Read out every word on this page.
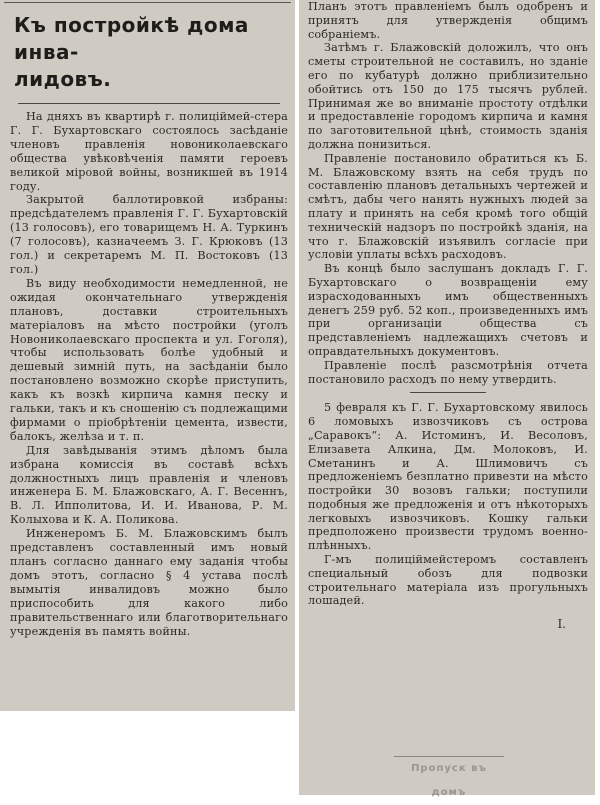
Къ постройкѣ дома инва-
лидовъ.

На дняхъ въ квартирѣ г. полицiймей-стера Г. Г. Бухартовскаго состоялось засѣданiе членовъ правленiя новониколаевскаго общества увѣковѣченiя памяти героевъ великой мiровой войны, возникшей въ 1914 году.

Закрытой баллотировкой избраны: предсѣдателемъ правленiя Г. Г. Бухартовскiй (13 голосовъ), его товарищемъ Н. А. Туркинъ (7 голосовъ), казначеемъ З. Г. Крюковъ (13 гол.) и секретаремъ М. П. Востоковъ (13 гол.)

Въ виду необходимости немедленной, не ожидая окончательнаго утвержденiя плановъ, доставки строительныхъ матерiаловъ на мѣсто постройки (уголъ Новониколаевскаго проспекта и ул. Гоголя), чтобы использовать болѣе удобный и дешевый зимнiй путь, на засѣданiи было постановлено возможно скорѣе приступить, какъ къ возкѣ кирпича камня песку и гальки, такъ и къ сношенiю съ подлежащими фирмами о прiобрѣтенiи цемента, извести, балокъ, желѣза и т. п.

Для завѣдыванiя этимъ дѣломъ была избрана комиссiя въ составѣ всѣхъ должностныхъ лицъ правленiя и членовъ инженера Б. М. Блажовскаго, А. Г. Весеннъ, В. Л. Ипполитова, И. И. Иванова, Р. М. Колыхова и К. А. Поликова.

Инженеромъ Б. М. Блажовскимъ былъ представленъ составленный имъ новый планъ согласно даннаго ему заданiя чтобы домъ этотъ, согласно § 4 устава послѣ вымытiя инвалидовъ можно было приспособить для какого либо правительственнаго или благотворительнаго учрежденiя въ память войны.

Планъ этотъ правленiемъ былъ одобренъ и принятъ для утвержденiя общимъ собранiемъ.

Затѣмъ г. Блажовскiй доложилъ, что онъ сметы строительной не составилъ, но зданiе его по кубатурѣ должно приблизительно обойтись отъ 150 до 175 тысячъ рублей. Принимая же во вниманiе простоту отдѣлки и предоставленiе городомъ кирпича и камня по заготовительной цѣнѣ, стоимость зданiя должна понизиться.

Правленiе постановило обратиться къ Б. М. Блажовскому взять на себя трудъ по составленiю плановъ детальныхъ чертежей и смѣтъ, дабы чего нанять нужныхъ людей за плату и принять на себя кромѣ того общiй техническiй надзоръ по постройкѣ зданiя, на что г. Блажовскiй изъявилъ согласiе при условiи уплаты всѣхъ расходовъ.

Въ концѣ было заслушанъ докладъ Г. Г. Бухартовскаго о возвращенiи ему израсходованныхъ имъ общественныхъ денегъ 259 руб. 52 коп., произведенныхъ имъ при организацiи общества съ представленiемъ надлежащихъ счетовъ и оправдательныхъ документовъ.

Правленiе послѣ разсмотрѣнiя отчета постановило расходъ по нему утвердить.

5 февраля къ Г. Г. Бухартовскому явилось 6 ломовыхъ извозчиковъ съ острова „Саравокъ“: А. Истоминъ, И. Весоловъ, Елизавета Алкина, Дм. Молоковъ, И. Сметанинъ и А. Шлимовичъ съ предложенiемъ безплатно привезти на мѣсто постройки 30 возовъ гальки; поступили подобныя же предложенiя и отъ нѣкоторыхъ легковыхъ извозчиковъ. Кошку гальки предположено произвести трудомъ военно-плѣнныхъ.

Г-мъ полицiймейстеромъ составленъ специальный обозъ для подвозки строительнаго матерiала изъ прогульныхъ лошадей.

I.
Пропуск въ домъ
